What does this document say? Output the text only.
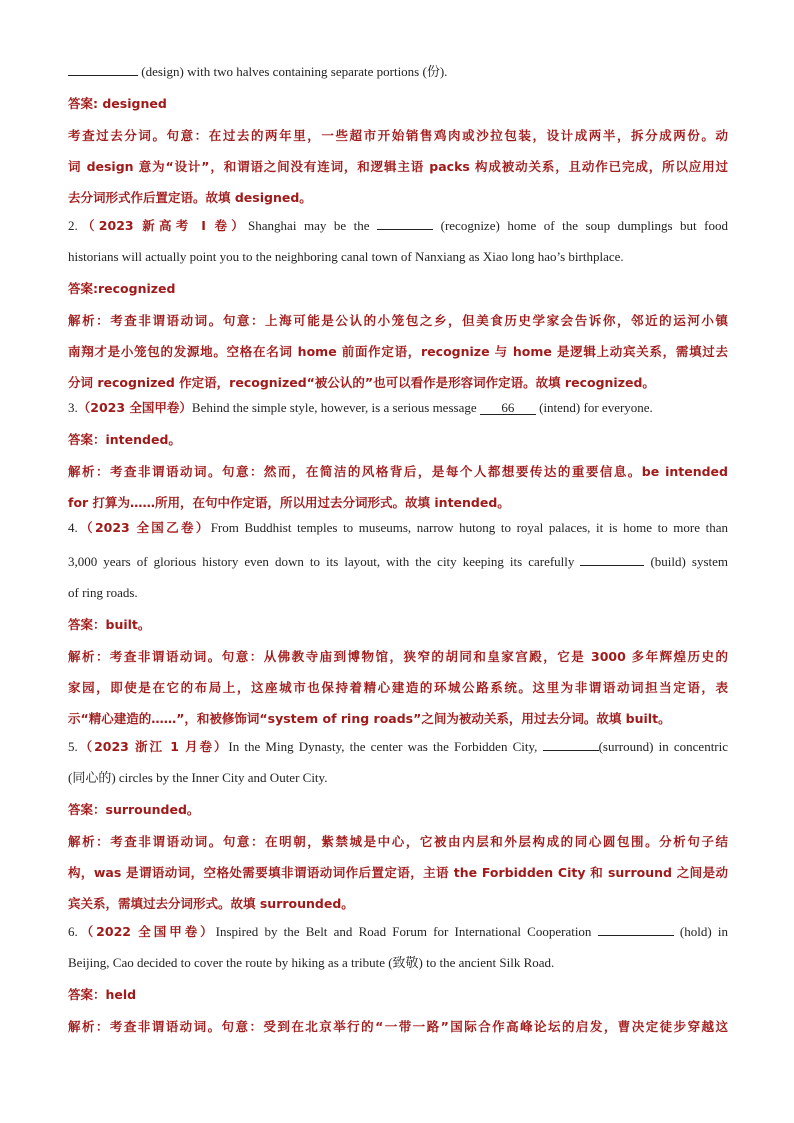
(design) with two halves containing separate portions (份).
答案: designed
考查过去分词。句意：在过去的两年里，一些超市开始销售鸡肉或沙拉包装，设计成两半，拆分成两份。动
词 design 意为“设计”，和谓语之间没有连词，和逻辑主语 packs 构成被动关系，且动作已完成，所以应用过
去分词形式作后置定语。故填 designed。
2.（2023 新高考 I 卷）Shanghai may be the	(recognize) home of the soup dumplings but food
historians will actually point you to the neighboring canal town of Nanxiang as Xiao long hao’s birthplace.
答案:recognized
解析：考查非谓语动词。句意：上海可能是公认的小笼包之乡，但美食历史学家会告诉你，邻近的运河小镇
南翔才是小笼包的发源地。空格在名词 home 前面作定语，recognize 与 home 是逻辑上动宾关系，需填过去
分词 recognized 作定语，recognized“被公认的”也可以看作是形容词作定语。故填 recognized。
3.（2023 全国甲卷）Behind the simple style, however, is a serious message 66 (intend) for everyone.
答案：intended。
解析：考查非谓语动词。句意：然而，在简洁的风格背后，是每个人都想要传达的重要信息。be intended
for 打算为……所用，在句中作定语，所以用过去分词形式。故填 intended。
4.（2023 全国乙卷）From Buddhist temples to museums, narrow hutong to royal palaces, it is home to more than
3,000 years of glorious history even down to its layout, with the city keeping its carefully	(build) system
of ring roads.
答案：built。
解析：考查非谓语动词。句意：从佛教寺庙到博物馆，狭窄的胡同和皇家宫殿，它是 3000 多年辉煌历史的
家园，即使是在它的布局上，这座城市也保持着精心建造的环城公路系统。这里为非谓语动词担当定语，表
示“精心建造的……”，和被修饰词“system of ring roads”之间为被动关系，用过去分词。故填 built。
5.（2023 浙江 1 月卷）In the Ming Dynasty, the center was the Forbidden City,	(surround) in concentric
(同心的) circles by the Inner City and Outer City.
答案：surrounded。
解析：考查非谓语动词。句意：在明朝，紫禁城是中心，它被由内层和外层构成的同心圆包围。分析句子结
构，was 是谓语动词，空格处需要填非谓语动词作后置定语，主语 the Forbidden City 和 surround 之间是动
宾关系，需填过去分词形式。故填 surrounded。
6.（2022 全国甲卷）Inspired by the Belt and Road Forum for International Cooperation	(hold) in
Beijing, Cao decided to cover the route by hiking as a tribute (致敬) to the ancient Silk Road.
答案：held
解析：考查非谓语动词。句意：受到在北京举行的“一带一路”国际合作高峰论坛的启发，曹决定徒步穿越这
